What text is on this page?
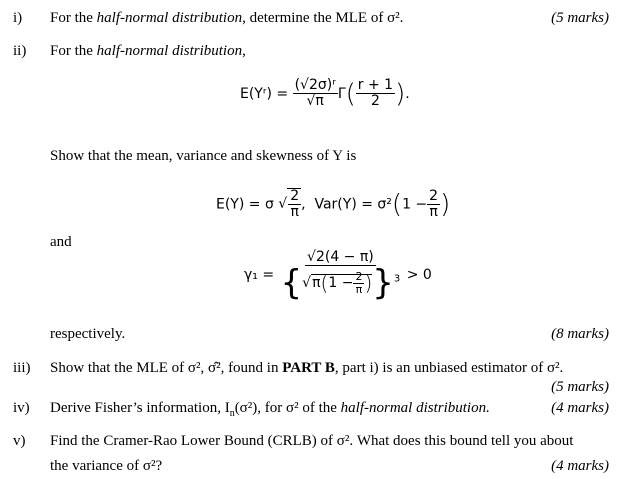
i) For the half-normal distribution, determine the MLE of σ².	(5 marks)
ii) For the half-normal distribution,
E(Yʳ) = $\frac{\text{(√2σ)ʳ}}{√\pi} \Gamma( \frac{r + 1}{2}$ ).
Show that the mean, variance and skewness of Y is
E(Y) = σ √ $\frac{2}{\pi}$ , $Var(Y) = \sigma^2(1 - \frac{2}{\pi}$ )
and
$\gamma_1 = \frac{√2(4 - \pi)}{\{√\pi(1 - \frac{2}{\pi} )\}^3} > 0$
respectively.	(8 marks)
iii) Show that the MLE of σ², σ̂², found in PART B, part i) is an unbiased estimator of σ².
(5 marks)
iv) Derive Fisher’s information, $I_n(\sigma^2)$, for σ² of the half-normal distribution.	(4 marks)
v) Find the Cramer-Rao Lower Bound (CRLB) of σ². What does this bound tell you about
the variance of σ²?	(4 marks)
